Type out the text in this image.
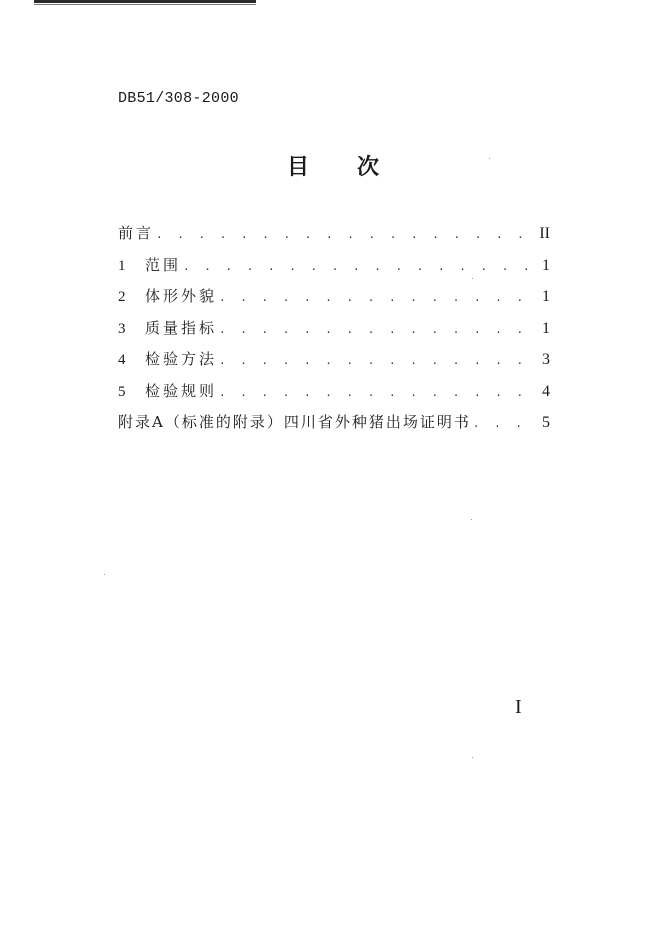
DB51/308-2000
目 次
前言 . . .	II
1	范围 . . .	1
2	体形外貌 . . .	1
3	质量指标 . . .	1
4	检验方法 . . .	3
5	检验规则 . . .	4
附录A（标准的附录）四川省外种猪出场证明书 . . .	5
I
